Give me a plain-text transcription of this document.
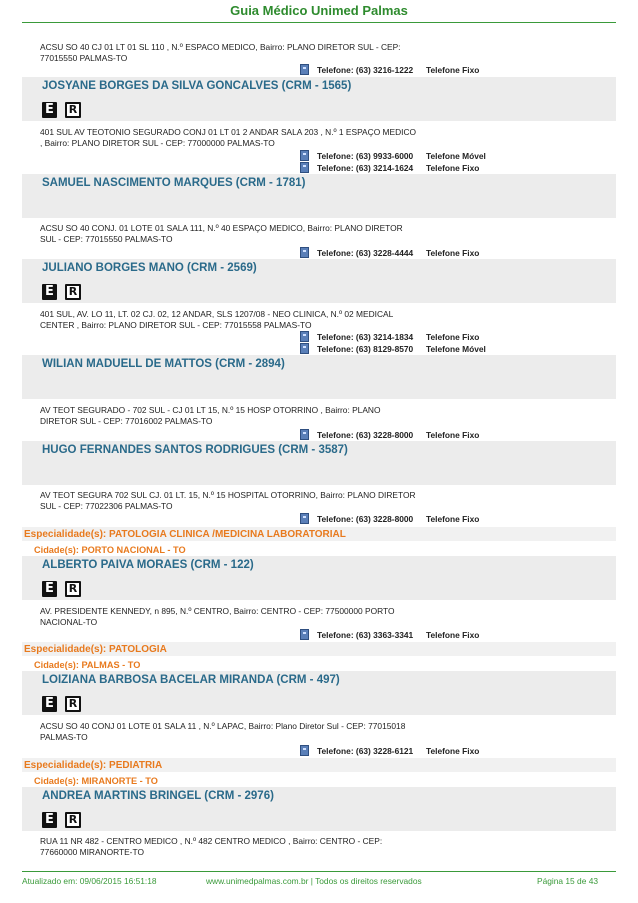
Guia Médico Unimed Palmas
ACSU SO 40 CJ 01 LT 01 SL 110 , N.º ESPACO MEDICO, Bairro: PLANO DIRETOR SUL - CEP: 77015550 PALMAS-TO
Telefone: (63) 3216-1222 Telefone Fixo
JOSYANE BORGES DA SILVA GONCALVES (CRM - 1565)
E R
401 SUL AV TEOTONIO SEGURADO CONJ 01 LT 01 2 ANDAR SALA 203 , N.º 1 ESPAÇO MEDICO , Bairro: PLANO DIRETOR SUL - CEP: 77000000 PALMAS-TO
Telefone: (63) 9933-6000 Telefone Móvel
Telefone: (63) 3214-1624 Telefone Fixo
SAMUEL NASCIMENTO MARQUES (CRM - 1781)
ACSU SO 40 CONJ. 01 LOTE 01 SALA 111, N.º 40 ESPAÇO MEDICO, Bairro: PLANO DIRETOR SUL - CEP: 77015550 PALMAS-TO
Telefone: (63) 3228-4444 Telefone Fixo
JULIANO BORGES MANO (CRM - 2569)
E R
401 SUL, AV. LO 11, LT. 02 CJ. 02, 12 ANDAR, SLS 1207/08 - NEO CLINICA, N.º 02 MEDICAL CENTER , Bairro: PLANO DIRETOR SUL - CEP: 77015558 PALMAS-TO
Telefone: (63) 3214-1834 Telefone Fixo
Telefone: (63) 8129-8570 Telefone Móvel
WILIAN MADUELL DE MATTOS (CRM - 2894)
AV TEOT SEGURADO - 702 SUL - CJ 01 LT 15, N.º 15 HOSP OTORRINO , Bairro: PLANO DIRETOR SUL - CEP: 77016002 PALMAS-TO
Telefone: (63) 3228-8000 Telefone Fixo
HUGO FERNANDES SANTOS RODRIGUES (CRM - 3587)
AV TEOT SEGURA 702 SUL CJ. 01 LT. 15, N.º 15 HOSPITAL OTORRINO, Bairro: PLANO DIRETOR SUL - CEP: 77022306 PALMAS-TO
Telefone: (63) 3228-8000 Telefone Fixo
Especialidade(s): PATOLOGIA CLINICA /MEDICINA LABORATORIAL
Cidade(s): PORTO NACIONAL - TO
ALBERTO PAIVA MORAES (CRM - 122)
E R
AV. PRESIDENTE KENNEDY, n 895, N.º CENTRO, Bairro: CENTRO - CEP: 77500000 PORTO NACIONAL-TO
Telefone: (63) 3363-3341 Telefone Fixo
Especialidade(s): PATOLOGIA
Cidade(s): PALMAS - TO
LOIZIANA BARBOSA BACELAR MIRANDA (CRM - 497)
E R
ACSU SO 40 CONJ 01 LOTE 01 SALA 11 , N.º LAPAC, Bairro: Plano Diretor Sul - CEP: 77015018 PALMAS-TO
Telefone: (63) 3228-6121 Telefone Fixo
Especialidade(s): PEDIATRIA
Cidade(s): MIRANORTE - TO
ANDREA MARTINS BRINGEL (CRM - 2976)
E R
RUA 11 NR 482 - CENTRO MEDICO , N.º 482 CENTRO MEDICO , Bairro: CENTRO - CEP: 77660000 MIRANORTE-TO
Atualizado em: 09/06/2015 16:51:18	www.unimedpalmas.com.br | Todos os direitos reservados	Página 15 de 43
